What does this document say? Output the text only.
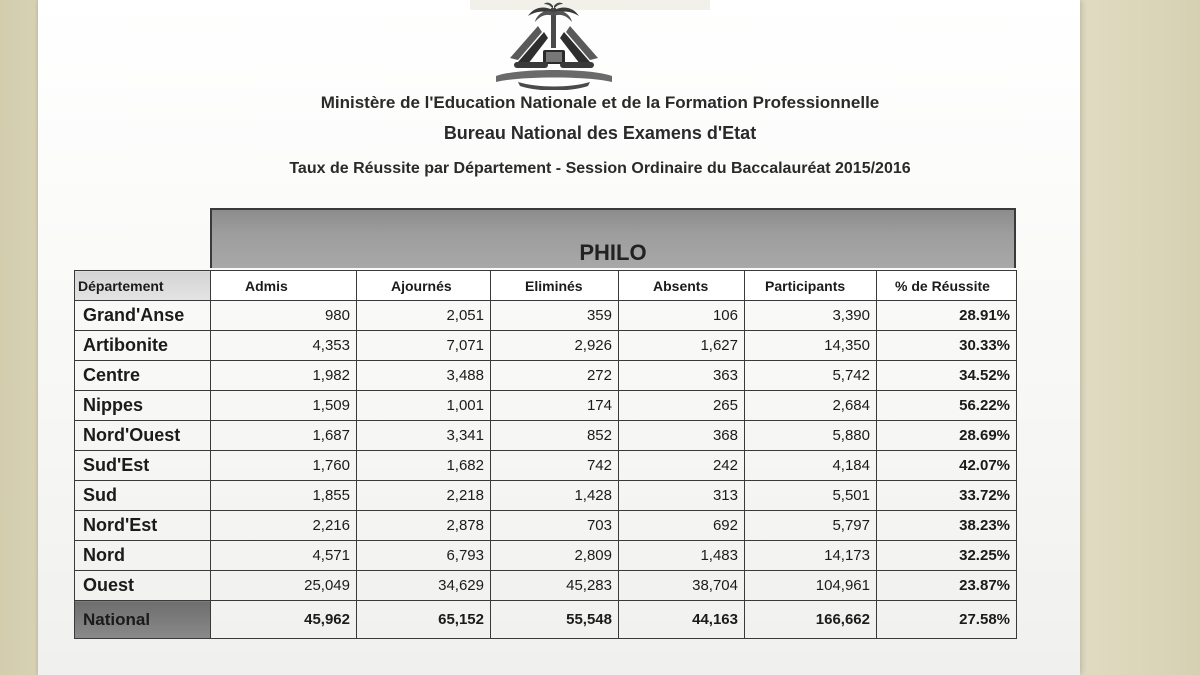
Ministère de l'Education Nationale et de la Formation Professionnelle
Bureau National des Examens d'Etat
Taux de Réussite par Département - Session Ordinaire du Baccalauréat 2015/2016
PHILO
Département	Admis	Ajournés	Eliminés	Absents	Participants	% de Réussite
Grand'Anse	980	2,051	359	106	3,390	28.91%
Artibonite	4,353	7,071	2,926	1,627	14,350	30.33%
Centre	1,982	3,488	272	363	5,742	34.52%
Nippes	1,509	1,001	174	265	2,684	56.22%
Nord'Ouest	1,687	3,341	852	368	5,880	28.69%
Sud'Est	1,760	1,682	742	242	4,184	42.07%
Sud	1,855	2,218	1,428	313	5,501	33.72%
Nord'Est	2,216	2,878	703	692	5,797	38.23%
Nord	4,571	6,793	2,809	1,483	14,173	32.25%
Ouest	25,049	34,629	45,283	38,704	104,961	23.87%
National	45,962	65,152	55,548	44,163	166,662	27.58%
